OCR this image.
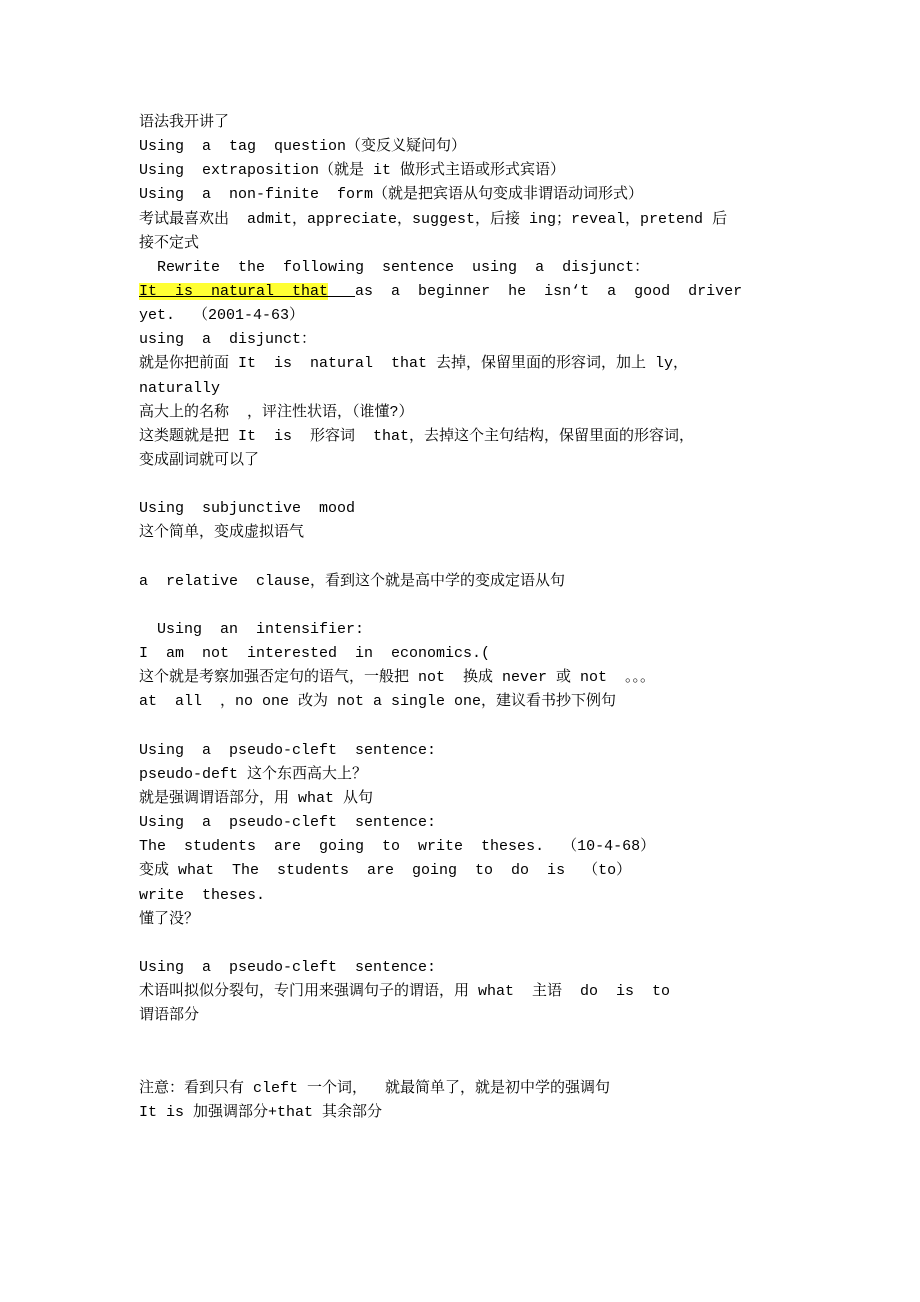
语法我开讲了
Using  a  tag  question（变反义疑问句）
Using  extraposition（就是 it 做形式主语或形式宾语）
Using  a  non-finite  form（就是把宾语从句变成非谓语动词形式）
考试最喜欢出  admit，appreciate，suggest，后接 ing；reveal，pretend 后
接不定式
Rewrite  the  following  sentence  using  a  disjunct：
It  is  natural  that as  a  beginner  he  isn‘t  a  good  driver
yet.  （2001-4-63）
using  a  disjunct：
就是你把前面 It  is  natural  that 去掉，保留里面的形容词，加上 ly，
naturally
高大上的名称  ，评注性状语，（谁懂?）
这类题就是把 It  is  形容词  that，去掉这个主句结构，保留里面的形容词，
变成副词就可以了
Using  subjunctive  mood
这个简单，变成虚拟语气
a  relative  clause，看到这个就是高中学的变成定语从句
Using  an  intensifier:
I  am  not  interested  in  economics.(
这个就是考察加强否定句的语气，一般把 not  换成 never 或 not  。。。
at  all  ，no one 改为 not a single one，建议看书抄下例句
Using  a  pseudo-cleft  sentence:
pseudo-deft 这个东西高大上？
就是强调谓语部分，用 what 从句
Using  a  pseudo-cleft  sentence:
The  students  are  going  to  write  theses.  （10-4-68）
变成 what  The  students  are  going  to  do  is  （to）
write  theses.
懂了没？
Using  a  pseudo-cleft  sentence:
术语叫拟似分裂句，专门用来强调句子的谓语，用 what  主语  do  is  to
谓语部分
注意：看到只有 cleft 一个词，  就最简单了，就是初中学的强调句
It is 加强调部分+that 其余部分
